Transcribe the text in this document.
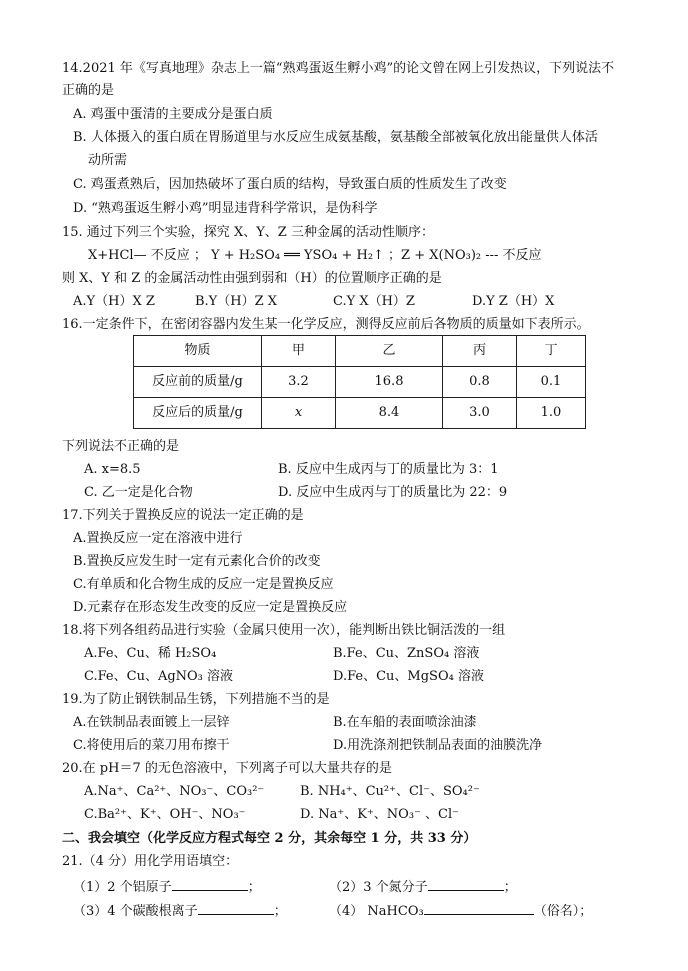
14.2021 年《写真地理》杂志上一篇“熟鸡蛋返生孵小鸡”的论文曾在网上引发热议，下列说法不
正确的是
A. 鸡蛋中蛋清的主要成分是蛋白质
B. 人体摄入的蛋白质在胃肠道里与水反应生成氨基酸，氨基酸全部被氧化放出能量供人体活
动所需
C. 鸡蛋煮熟后，因加热破坏了蛋白质的结构，导致蛋白质的性质发生了改变
D. “熟鸡蛋返生孵小鸡”明显违背科学常识，是伪科学
15. 通过下列三个实验，探究 X、Y、Z 三种金属的活动性顺序：
X+HCl— 不反应 ； Y + H₂SO₄ ══ YSO₄ + H₂↑ ；Z + X(NO₃)₂ --- 不反应
则 X、Y 和 Z 的金属活动性由强到弱和（H）的位置顺序正确的是
A.Y（H）X Z	B.Y（H）Z X	C.Y X（H）Z	D.Y Z（H）X
16.一定条件下，在密闭容器内发生某一化学反应，测得反应前后各物质的质量如下表所示。
物质	甲	乙	丙	丁
反应前的质量/g	3.2	16.8	0.8	0.1
反应后的质量/g	x	8.4	3.0	1.0
下列说法不正确的是
A. x=8.5	B. 反应中生成丙与丁的质量比为 3：1
C. 乙一定是化合物	D. 反应中生成丙与丁的质量比为 22：9
17.下列关于置换反应的说法一定正确的是
A.置换反应一定在溶液中进行
B.置换反应发生时一定有元素化合价的改变
C.有单质和化合物生成的反应一定是置换反应
D.元素存在形态发生改变的反应一定是置换反应
18.将下列各组药品进行实验（金属只使用一次），能判断出铁比铜活泼的一组
A.Fe、Cu、稀 H₂SO₄	B.Fe、Cu、ZnSO₄ 溶液
C.Fe、Cu、AgNO₃ 溶液	D.Fe、Cu、MgSO₄ 溶液
19.为了防止钢铁制品生锈，下列措施不当的是
A.在铁制品表面镀上一层锌	B.在车船的表面喷涂油漆
C.将使用后的菜刀用布擦干	D.用洗涤剂把铁制品表面的油膜洗净
20.在 pH＝7 的无色溶液中，下列离子可以大量共存的是
A.Na⁺、Ca²⁺、NO₃⁻、CO₃²⁻	B. NH₄⁺、Cu²⁺、Cl⁻、SO₄²⁻
C.Ba²⁺、K⁺、OH⁻、NO₃⁻	D. Na⁺、K⁺、NO₃⁻ 、Cl⁻
二、我会填空（化学反应方程式每空 2 分，其余每空 1 分，共 33 分）
21.（4 分）用化学用语填空：
（1）2 个铝原子	；	（2）3 个氮分子	；
（3）4 个碳酸根离子	；	（4） NaHCO₃	（俗名）；
